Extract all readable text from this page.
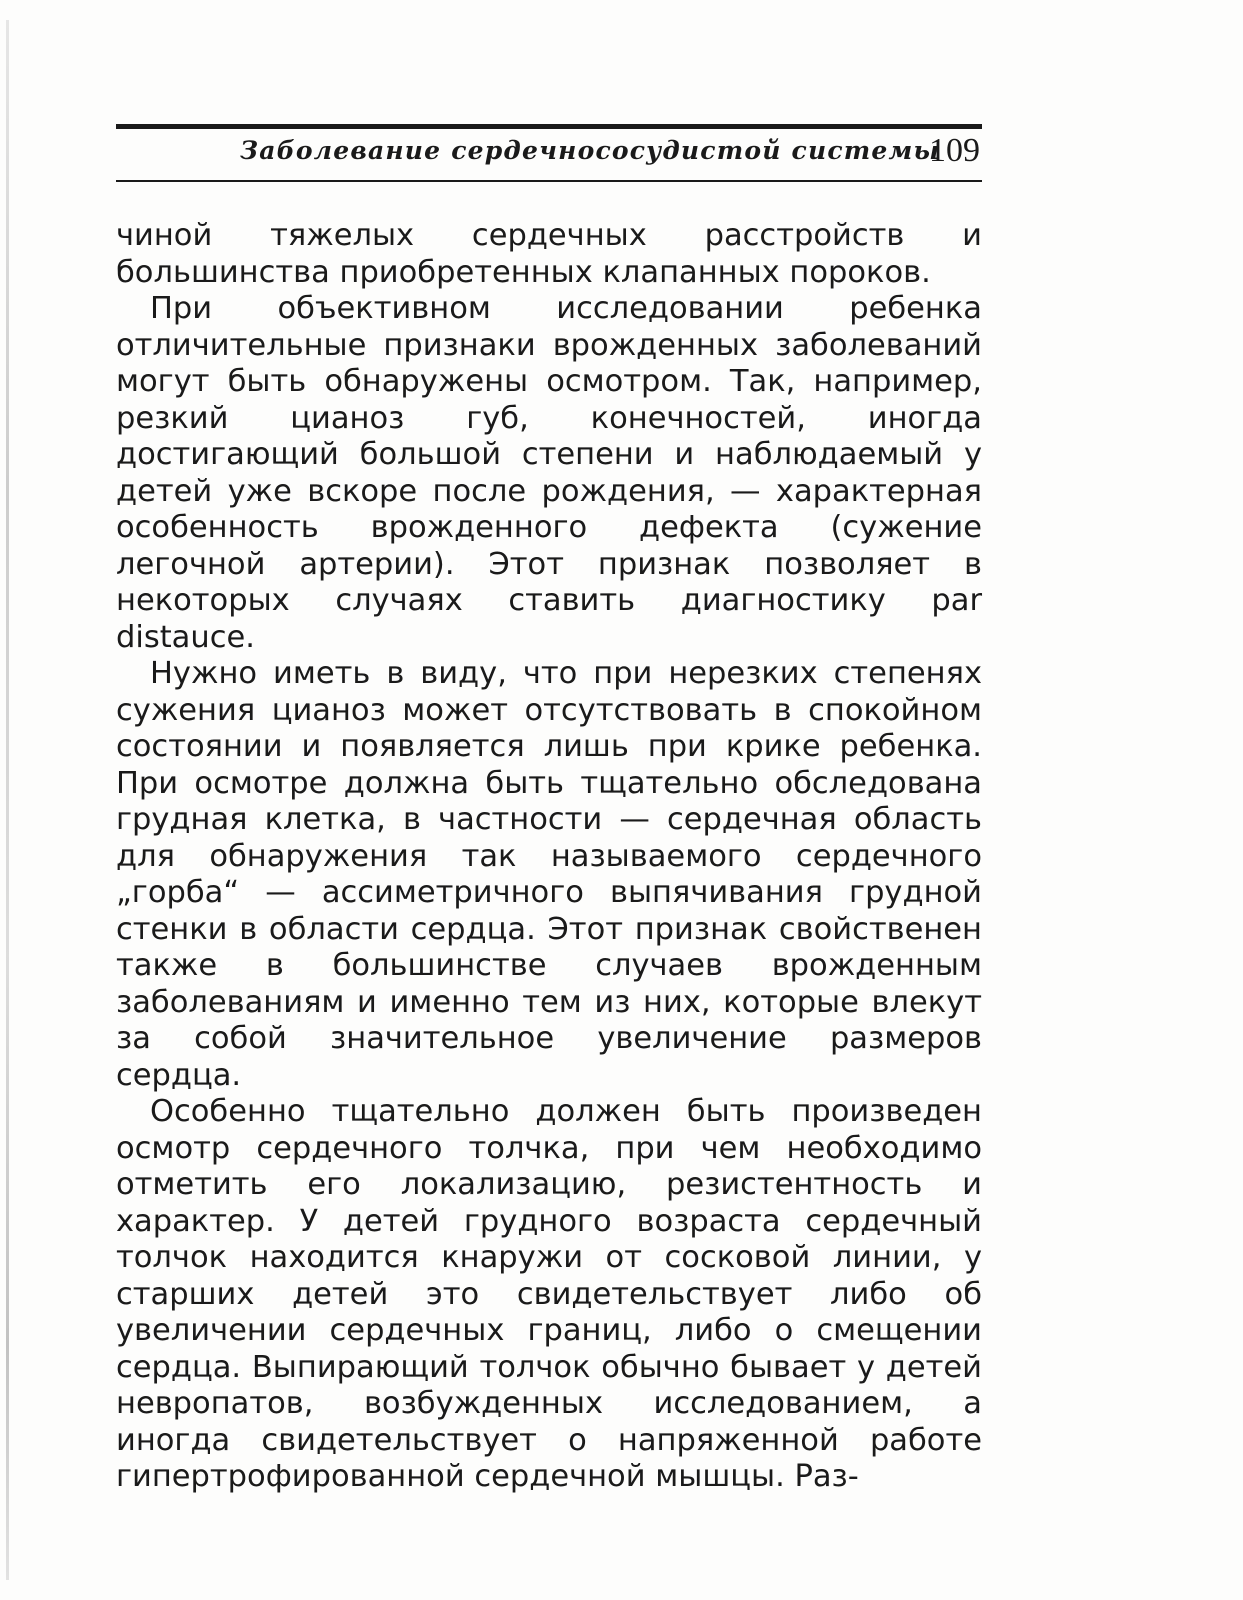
Заболевание сердечнососудистой системы
109

чиной тяжелых сердечных расстройств и большинства приобретенных клапанных пороков.

При объективном исследовании ребенка отличительные признаки врожденных заболеваний могут быть обнаружены осмотром. Так, например, резкий цианоз губ, конечностей, иногда достигающий большой степени и наблюдаемый у детей уже вскоре после рождения, — характерная особенность врожденного дефекта (сужение легочной артерии). Этот признак позволяет в некоторых случаях ставить диагностику par distauce.

Нужно иметь в виду, что при нерезких степенях сужения цианоз может отсутствовать в спокойном состоянии и появляется лишь при крике ребенка. При осмотре должна быть тщательно обследована грудная клетка, в частности — сердечная область для обнаружения так называемого сердечного „горба“ — ассиметричного выпячивания грудной стенки в области сердца. Этот признак свойственен также в большинстве случаев врожденным заболеваниям и именно тем из них, которые влекут за собой значительное увеличение размеров сердца.

Особенно тщательно должен быть произведен осмотр сердечного толчка, при чем необходимо отметить его локализацию, резистентность и характер. У детей грудного возраста сердечный толчок находится кнаружи от сосковой линии, у старших детей это свидетельствует либо об увеличении сердечных границ, либо о смещении сердца. Выпирающий толчок обычно бывает у детей невропатов, возбужденных исследованием, а иногда свидетельствует о напряженной работе гипертрофированной сердечной мышцы. Раз-
